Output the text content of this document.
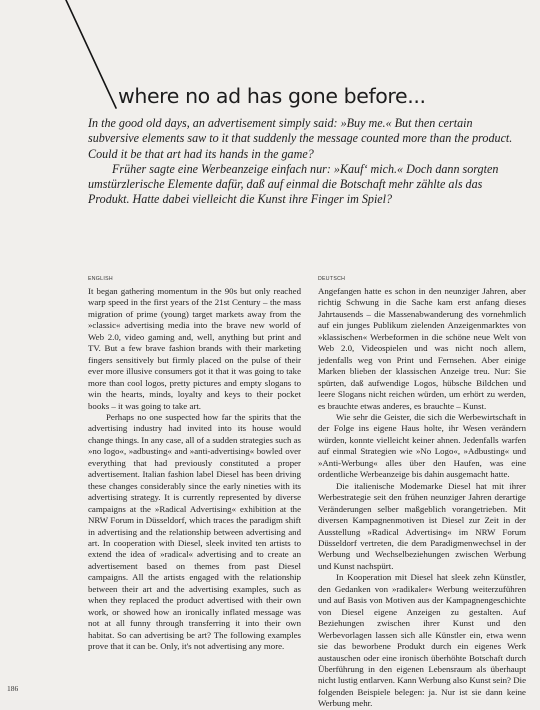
where no ad has gone before...

In the good old days, an advertisement simply said: »Buy me.« But then certain subversive elements saw to it that suddenly the message counted more than the product. Could it be that art had its hands in the game?

Früher sagte eine Werbeanzeige einfach nur: »Kauf‘ mich.« Doch dann sorgten umstürzlerische Elemente dafür, daß auf einmal die Botschaft mehr zählte als das Produkt. Hatte dabei vielleicht die Kunst ihre Finger im Spiel?

ENGLISH	DEUTSCH

It began gathering momentum in the 90s but only reached warp speed in the first years of the 21st Century – the mass migration of prime (young) target markets away from the »classic« advertising media into the brave new world of Web 2.0, video gaming and, well, anything but print and TV. But a few brave fashion brands with their marketing fingers sensitively but firmly placed on the pulse of their ever more illusive consumers got it that it was going to take more than cool logos, pretty pictures and empty slogans to win the hearts, minds, loyalty and keys to their pocket books – it was going to take art.

Perhaps no one suspected how far the spirits that the advertising industry had invited into its house would change things. In any case, all of a sudden strategies such as »no logo«, »adbusting« and »anti-advertising« bowled over everything that had previously constituted a proper advertisement. Italian fashion label Diesel has been driving these changes considerably since the early nineties with its advertising strategy. It is currently represented by diverse campaigns at the »Radical Advertising« exhibition at the NRW Forum in Düsseldorf, which traces the paradigm shift in advertising and the relationship between advertising and art. In cooperation with Diesel, sleek invited ten artists to extend the idea of »radical« advertising and to create an advertisement based on themes from past Diesel campaigns. All the artists engaged with the relationship between their art and the advertising examples, such as when they replaced the product advertised with their own work, or showed how an ironically inflated message was not at all funny through transferring it into their own habitat. So can advertising be art? The following examples prove that it can be. Only, it's not advertising any more.

Angefangen hatte es schon in den neunziger Jahren, aber richtig Schwung in die Sache kam erst anfang dieses Jahrtausends – die Massenabwanderung des vornehmlich auf ein junges Publikum zielenden Anzeigenmarktes von »klassischen« Werbeformen in die schöne neue Welt von Web 2.0, Videospielen und was nicht noch allem, jedenfalls weg von Print und Fernsehen. Aber einige Marken blieben der klassischen Anzeige treu. Nur: Sie spürten, daß aufwendige Logos, hübsche Bildchen und leere Slogans nicht reichen würden, um erhört zu werden, es brauchte etwas anderes, es brauchte – Kunst.

Wie sehr die Geister, die sich die Werbewirtschaft in der Folge ins eigene Haus holte, ihr Wesen verändern würden, konnte vielleicht keiner ahnen. Jedenfalls warfen auf einmal Strategien wie »No Logo«, »Adbusting« und »Anti-Werbung« alles über den Haufen, was eine ordentliche Werbeanzeige bis dahin ausgemacht hatte.

Die italienische Modemarke Diesel hat mit ihrer Werbestrategie seit den frühen neunziger Jahren derartige Veränderungen selber maßgeblich vorangetrieben. Mit diversen Kampagnenmotiven ist Diesel zur Zeit in der Ausstellung »Radical Advertising« im NRW Forum Düsseldorf vertreten, die dem Paradigmenwechsel in der Werbung und Wechselbeziehungen zwischen Werbung und Kunst nachspürt.

In Kooperation mit Diesel hat sleek zehn Künstler, den Gedanken von »radikaler« Werbung weiterzuführen und auf Basis von Motiven aus der Kampagnengeschichte von Diesel eigene Anzeigen zu gestalten. Auf Beziehungen zwischen ihrer Kunst und den Werbevorlagen lassen sich alle Künstler ein, etwa wenn sie das beworbene Produkt durch ein eigenes Werk austauschen oder eine ironisch überhöhte Botschaft durch Überführung in den eigenen Lebensraum als überhaupt nicht lustig entlarven. Kann Werbung also Kunst sein? Die folgenden Beispiele belegen: ja. Nur ist sie dann keine Werbung mehr.

186
